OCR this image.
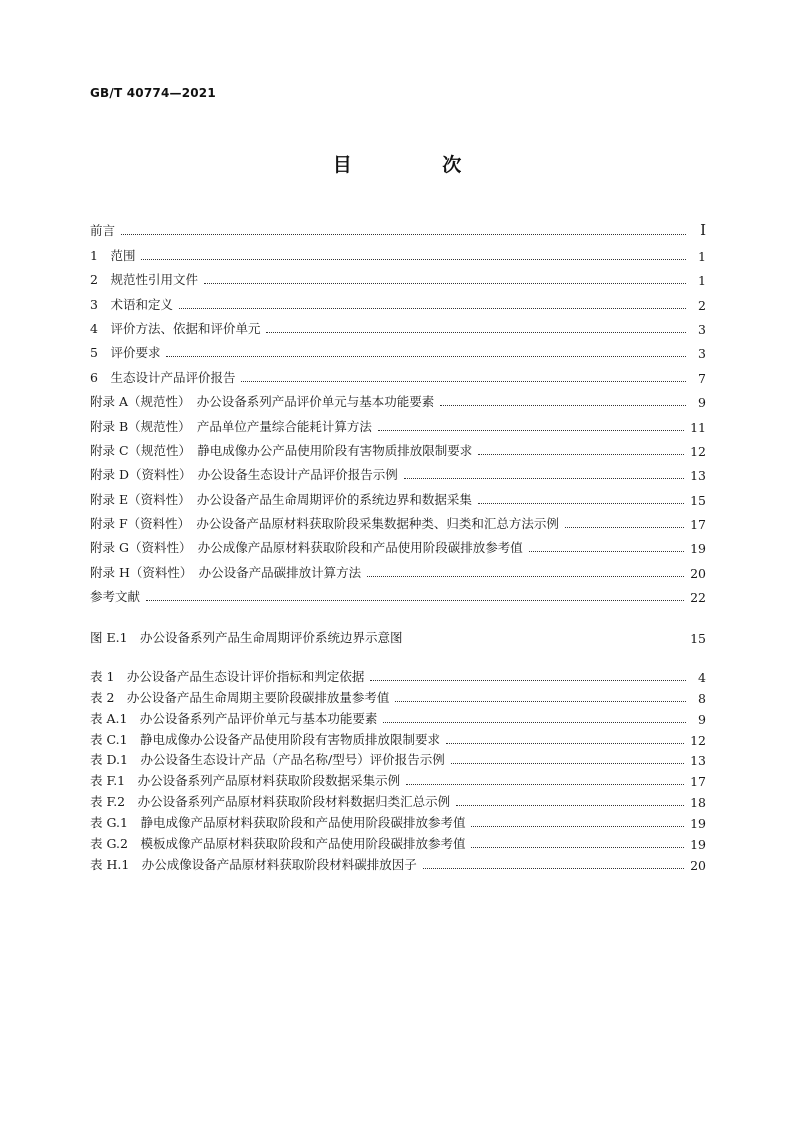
GB/T 40774—2021
目 次
前言	Ⅰ
1　范围	1
2　规范性引用文件	1
3　术语和定义	2
4　评价方法、依据和评价单元	3
5　评价要求	3
6　生态设计产品评价报告	7
附录 A（规范性）　办公设备系列产品评价单元与基本功能要素	9
附录 B（规范性）　产品单位产量综合能耗计算方法	11
附录 C（规范性）　静电成像办公产品使用阶段有害物质排放限制要求	12
附录 D（资料性）　办公设备生态设计产品评价报告示例	13
附录 E（资料性）　办公设备产品生命周期评价的系统边界和数据采集	15
附录 F（资料性）　办公设备产品原材料获取阶段采集数据种类、归类和汇总方法示例	17
附录 G（资料性）　办公成像产品原材料获取阶段和产品使用阶段碳排放参考值	19
附录 H（资料性）　办公设备产品碳排放计算方法	20
参考文献	22
图 E.1　办公设备系列产品生命周期评价系统边界示意图	15
表 1　办公设备产品生态设计评价指标和判定依据	4
表 2　办公设备产品生命周期主要阶段碳排放量参考值	8
表 A.1　办公设备系列产品评价单元与基本功能要素	9
表 C.1　静电成像办公设备产品使用阶段有害物质排放限制要求	12
表 D.1　办公设备生态设计产品（产品名称/型号）评价报告示例	13
表 F.1　办公设备系列产品原材料获取阶段数据采集示例	17
表 F.2　办公设备系列产品原材料获取阶段材料数据归类汇总示例	18
表 G.1　静电成像产品原材料获取阶段和产品使用阶段碳排放参考值	19
表 G.2　模板成像产品原材料获取阶段和产品使用阶段碳排放参考值	19
表 H.1　办公成像设备产品原材料获取阶段材料碳排放因子	20
